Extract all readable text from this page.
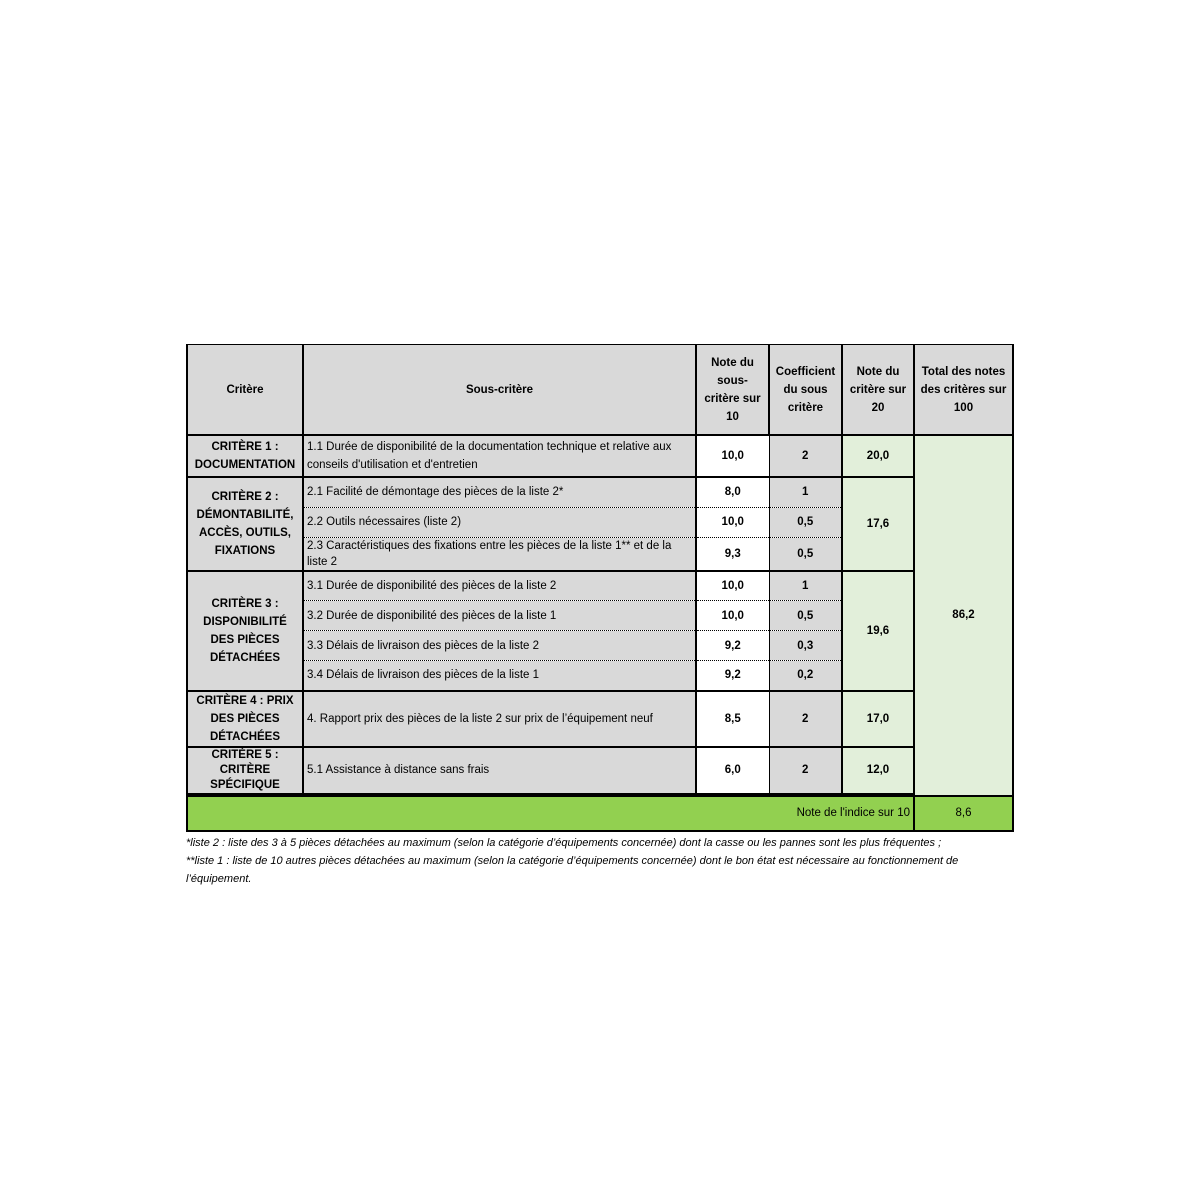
Critère	Sous-critère	Note du sous-critère sur 10	Coefficient du sous critère	Note du critère sur 20	Total des notes des critères sur 100
CRITÈRE 1 : DOCUMENTATION	1.1 Durée de disponibilité de la documentation technique et relative aux conseils d'utilisation et d'entretien	10,0	2	20,0	86,2
CRITÈRE 2 : DÉMONTABILITÉ, ACCÈS, OUTILS, FIXATIONS	2.1 Facilité de démontage des pièces de la liste 2*	8,0	1	17,6	
	2.2 Outils nécessaires (liste 2)	10,0	0,5		
	2.3 Caractéristiques des fixations entre les pièces de la liste 1** et de la liste 2	9,3	0,5		
CRITÈRE 3 : DISPONIBILITÉ DES PIÈCES DÉTACHÉES	3.1 Durée de disponibilité des pièces de la liste 2	10,0	1	19,6	
	3.2 Durée de disponibilité des pièces de la liste 1	10,0	0,5		
	3.3 Délais de livraison des pièces de la liste 2	9,2	0,3		
	3.4 Délais de livraison des pièces de la liste 1	9,2	0,2		
CRITÈRE 4 : PRIX DES PIÈCES DÉTACHÉES	4. Rapport prix des pièces de la liste 2 sur prix de l’équipement neuf	8,5	2	17,0	
CRITÈRE 5 : CRITÈRE SPÉCIFIQUE	5.1 Assistance à distance sans frais	6,0	2	12,0	

Note de l'indice sur 10					8,6

*liste 2 : liste des 3 à 5 pièces détachées au maximum (selon la catégorie d’équipements concernée) dont la casse ou les pannes sont les plus fréquentes ;

**liste 1 : liste de 10 autres pièces détachées au maximum (selon la catégorie d’équipements concernée) dont le bon état est nécessaire au fonctionnement de l’équipement.
